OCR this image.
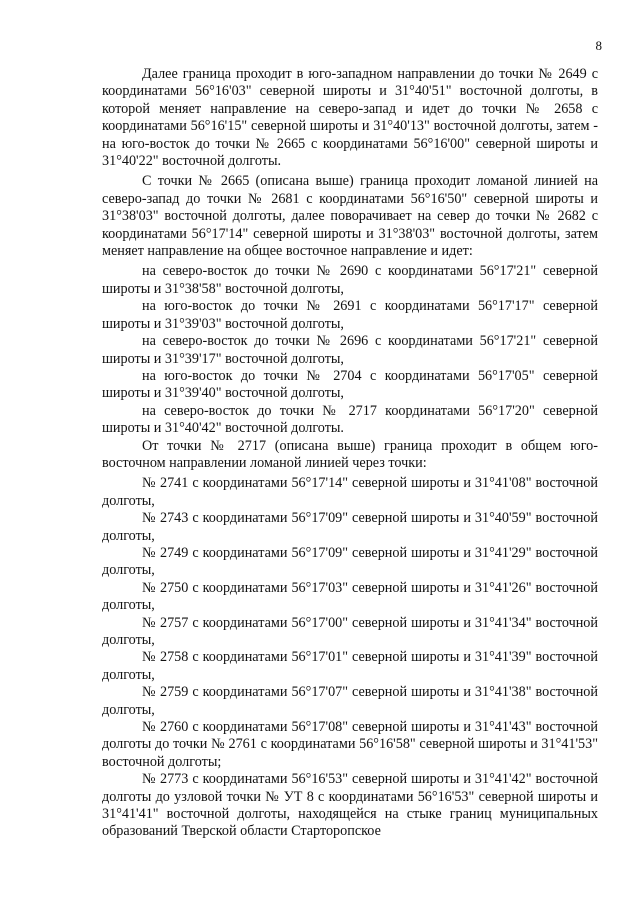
8

Далее граница проходит в юго-западном направлении до точки № 2649 с координатами 56°16'03" северной широты и 31°40'51" восточной долготы, в которой меняет направление на северо-запад и идет до точки № 2658 с координатами 56°16'15" северной широты и 31°40'13" восточной долготы, затем - на юго-восток до точки № 2665 с координатами 56°16'00" северной широты и 31°40'22" восточной долготы.

С точки № 2665 (описана выше) граница проходит ломаной линией на северо-запад до точки № 2681 с координатами 56°16'50" северной широты и 31°38'03" восточной долготы, далее поворачивает на север до точки № 2682 с координатами 56°17'14" северной широты и 31°38'03" восточной долготы, затем меняет направление на общее восточное направление и идет:

на северо-восток до точки № 2690 с координатами 56°17'21" северной широты и 31°38'58" восточной долготы,

на юго-восток до точки № 2691 с координатами 56°17'17" северной широты и 31°39'03" восточной долготы,

на северо-восток до точки № 2696 с координатами 56°17'21" северной широты и 31°39'17" восточной долготы,

на юго-восток до точки № 2704 с координатами 56°17'05" северной широты и 31°39'40" восточной долготы,

на северо-восток до точки № 2717 координатами 56°17'20" северной широты и 31°40'42" восточной долготы.

От точки № 2717 (описана выше) граница проходит в общем юго-восточном направлении ломаной линией через точки:

№ 2741 с координатами 56°17'14" северной широты и 31°41'08" восточной долготы,

№ 2743 с координатами 56°17'09" северной широты и 31°40'59" восточной долготы,

№ 2749 с координатами 56°17'09" северной широты и 31°41'29" восточной долготы,

№ 2750 с координатами 56°17'03" северной широты и 31°41'26" восточной долготы,

№ 2757 с координатами 56°17'00" северной широты и 31°41'34" восточной долготы,

№ 2758 с координатами 56°17'01" северной широты и 31°41'39" восточной долготы,

№ 2759 с координатами 56°17'07" северной широты и 31°41'38" восточной долготы,

№ 2760 с координатами 56°17'08" северной широты и 31°41'43" восточной долготы до точки № 2761 с координатами 56°16'58" северной широты и 31°41'53" восточной долготы;

№ 2773 с координатами 56°16'53" северной широты и 31°41'42" восточной долготы до узловой точки № УТ 8 с координатами 56°16'53" северной широты и 31°41'41" восточной долготы, находящейся на стыке границ муниципальных образований Тверской области Старторопское
